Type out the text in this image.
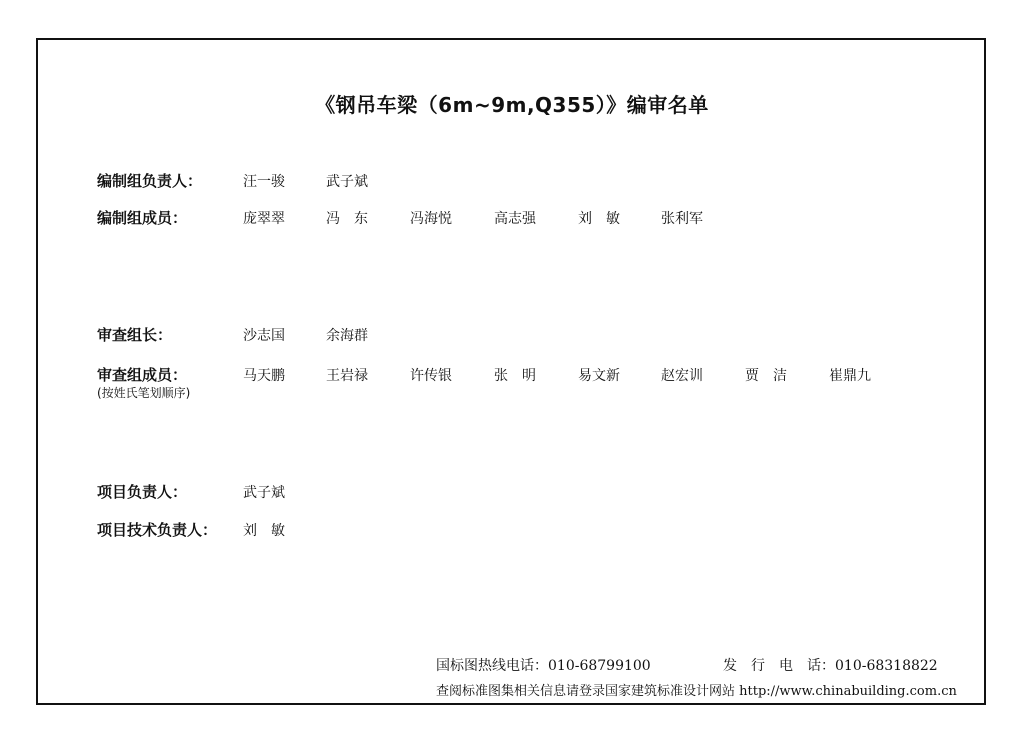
《钢吊车梁（6m~9m,Q355）》编审名单
编制组负责人：	汪一骏	武子斌
编制组成员：	庞翠翠	冯　东	冯海悦	高志强	刘　敏	张利军
审查组长：	沙志国	余海群
审查组成员：	马天鹏	王岩禄	许传银	张　明	易文新	赵宏训	贾　洁	崔鼎九
(按姓氏笔划顺序)
项目负责人：	武子斌
项目技术负责人： 刘　敏
国标图热线电话：010-68799100	发　行　电　话：010-68318822
查阅标准图集相关信息请登录国家建筑标准设计网站 http://www.chinabuilding.com.cn
